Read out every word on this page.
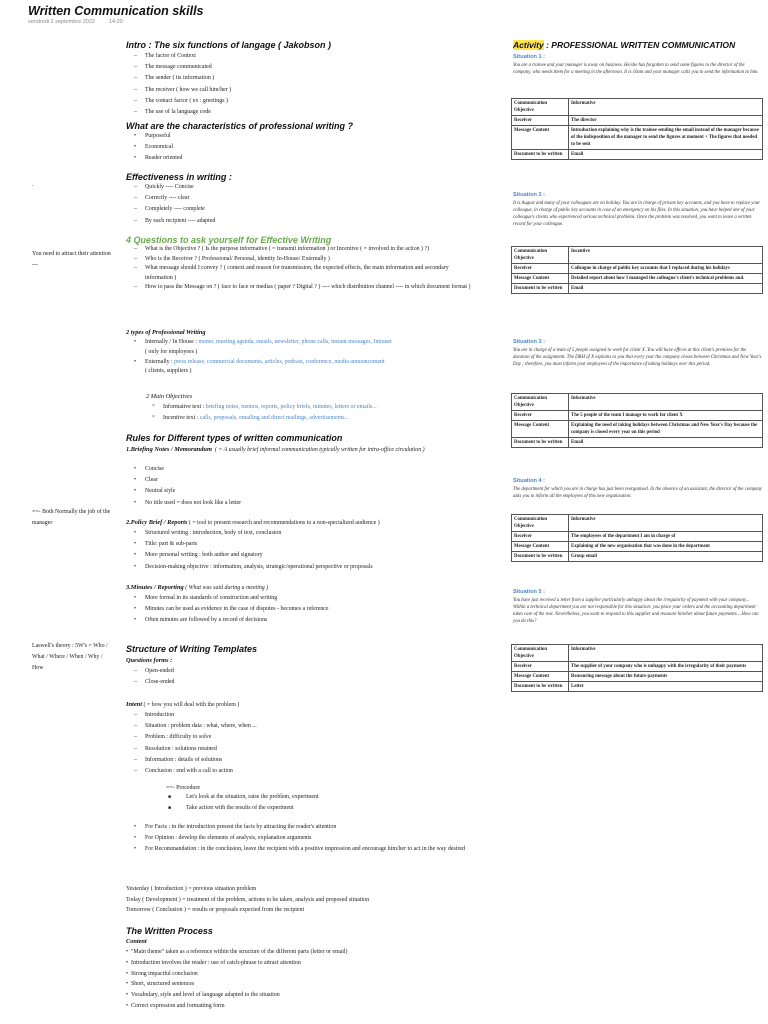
Written Communication skills
vendredi 2 septembre 2022	14:20
.
You need to attract their attention ---
==- Both Normally the job of the manager
Laswell's theory : 5W's = Who / What / Where / When / Why / How
Intro : The six functions of langage ( Jakobson )
– The factor of Context
– The message communicated
– The sender ( its information )
– The receiver ( how we call him/her )
– The contact factor ( ex : greetings )
– The use of la language code
What are the characteristics of professional writing ?
• Purposeful
• Economical
• Reader oriented
Effectiveness in writing :
– Quickly ---- Concise
– Correctly ---- clear
– Completely ---- complete
– By each recipient ---- adapted
4 Questions to ask yourself for Effective Writing
– What is the Objective ? ( Is the purpose informative ( = transmit information ) or Incentive ( = involved in the action ) ?)
– Who is the Receiver ? ( Professional/ Personal, identity In-House/ Externally )
– What message should I convey ? ( context and reason for transmission, the expected effects, the main information and secondary information )
– How to pass the Message on ? ( face to face or medias ( paper ? Digital ? ) ---- which distribution channel ---- in which document format )
2 types of Professional Writing
• Internally / In House : memo, meeting agenda, emails, newsletter, phone calls, instant messages, Intranet
( only for employees )
• Externally : press release, commercial documents, articles, podcast, conference, media announcement
( clients, suppliers )
2 Main Objectives
* Informative text : briefing notes, memos, reports, policy briefs, minutes, letters or emails...
* Incentive text : calls, proposals, emailing and direct mailings, advertisements...
Rules for Different types of written communication
1.Briefing Notes / Memorandum ( = A usually brief informal communication typically written for intra-office circulation )
• Concise
• Clear
• Neutral style
• No title used = does not look like a letter
2.Policy Brief / Reports ( = tool to present research and recommendations to a non-specialized audience )
• Structured writing : introduction, body of text, conclusion
• Title: part & sub-parts
• More personal writing : both author and signatory
• Decision-making objective : information, analysis, strategic/operational perspective or proposals
3.Minutes / Reporting ( What was said during a meeting )
• More formal in its standards of construction and writing
• Minutes can be used as evidence in the case of disputes - becomes a reference
• Often minutes are followed by a record of decisions
Structure of Writing Templates
Questions forms :
– Open-ended
– Close-ended
Intent ( = how you will deal with the problem )
– Introduction
– Situation : problem data : what, where, when ...
– Problem : difficulty to solve
– Resolution : solutions retained
– Information : details of solutions
– Conclusion : end with a call to action
==- Procedure
■ Let's look at the situation, raise the problem, experiment
■ Take action with the results of the experiment
• For Facts : in the introduction present the facts by attracting the reader's attention
• For Opinion : develop the elements of analysis, explanation arguments
• For Recommandation : in the conclusion, leave the recipient with a positive impression and encourage him/her to act in the way desired
Yesterday ( Introduction ) = previous situation problem
Today ( Development ) = treatment of the problem, actions to be taken, analysis and proposed situation
Tomorrow ( Conclusion ) = results or proposals expected from the recipient
The Written Process
Content
• "Main theme" taken as a reference within the structure of the different parts (letter or email)
• Introduction involves the reader : use of catch-phrase to attract attention
• Strong impactful conclusion
• Short, structured sentences
• Vocabulary, style and level of language adapted to the situation
• Correct expression and formatting form
Activity : PROFESSIONAL WRITTEN COMMUNICATION
Situation 1 :
You are a trainee and your manager is away on business. He/she has forgotten to send some figures to the director of the company, who needs them for a meeting in the afternoon. It is 10am and your manager calls you to send the information to him.
Communication Objective	Informative
Receiver	The director
Message Content	Introduction explaining why is the trainee sending the email instead of the manager because of the indisposition of the manager to send the figures at moment + The figures that needed to be sent
Document to be written	Email
Situation 2 :
It is August and many of your colleagues are on holiday. You are in charge of private key accounts, and you have to replace your colleague, in charge of public key accounts in case of an emergency on his files. In this situation, you have helped one of your colleague's clients who experienced serious technical problems. Once the problem was resolved, you want to leave a written record for your colleague.
Communication Objective	Incentive
Receiver	Colleague in charge of public key accounts that I replaced during his holidays
Message Content	Detailed report about how I managed the colleague's client's technical problems and.
Document to be written	Email
Situation 3 :
You are in charge of a team of 5 people assigned to work for client X. You will have offices at this client's premises for the duration of the assignment. The DRH of X explains to you that every year the company closes between Christmas and New Year's Day ; therefore, you must inform your employees of the importance of taking holidays over this period.
Communication Objective	Informative
Receiver	The 5 people of the team I manage to work for client X
Message Content	Explaining the need of taking holidays between Christmas and New Year's Day because the company is closed every year on this period
Document to be written	Email
Situation 4 :
The department for which you are in charge has just been reorganised. In the absence of an assistant, the director of the company asks you to inform all the employees of this new organisation.
Communication Objective	Informative
Receiver	The employees of the department I am in charge of
Message Content	Explaining of the new organisation that was done in the department
Document to be written	Group email
Situation 5 :
You have just received a letter from a supplier particularly unhappy about the irregularity of payment with your company... Within a technical department you are not responsible for this situation: you place your orders and the accounting department takes care of the rest. Nevertheless, you want to respond to this supplier and reassure him/her about future payments... How can you do this?
Communication Objective	Informative
Receiver	The supplier of your company who is unhappy with the irregularity of their payments
Message Content	Reassuring message about the future payments
Document to be written	Letter
